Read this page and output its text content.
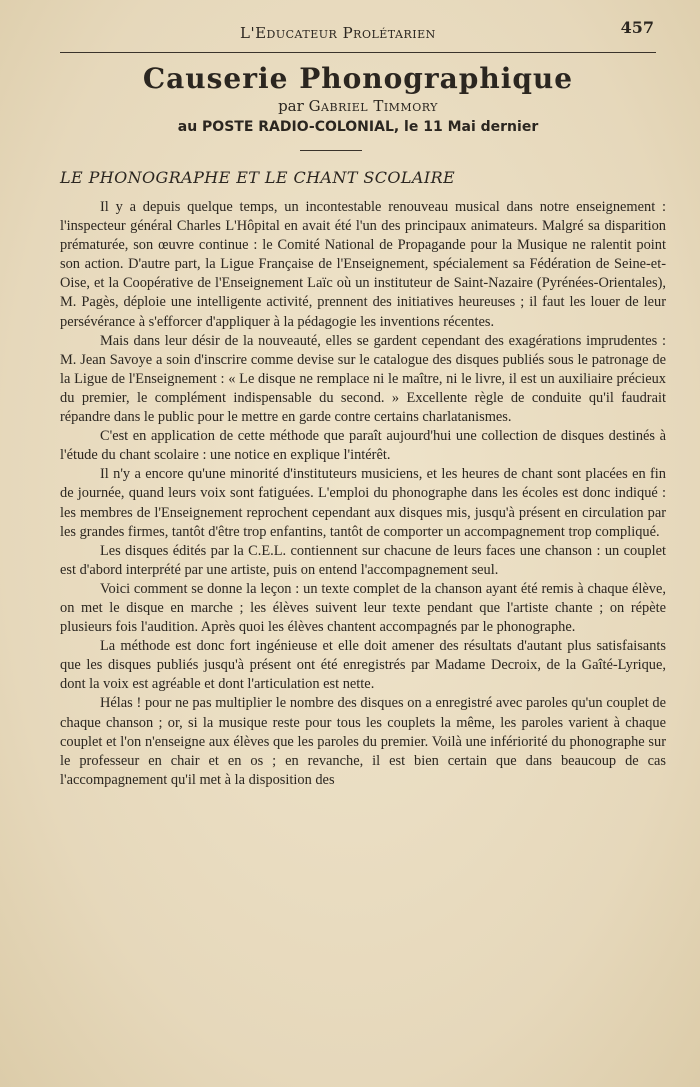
L'Educateur Prolétarien	457
Causerie Phonographique
par Gabriel Timmory
au POSTE RADIO-COLONIAL, le 11 Mai dernier
LE PHONOGRAPHE ET LE CHANT SCOLAIRE

Il y a depuis quelque temps, un incontestable renouveau musical dans notre enseignement : l'inspecteur général Charles L'Hôpital en avait été l'un des principaux animateurs. Malgré sa disparition prématurée, son œuvre continue : le Comité National de Propagande pour la Musique ne ralentit point son action. D'autre part, la Ligue Française de l'Enseignement, spécialement sa Fédération de Seine-et-Oise, et la Coopérative de l'Enseignement Laïc où un instituteur de Saint-Nazaire (Pyrénées-Orientales), M. Pagès, déploie une intelligente activité, prennent des initiatives heureuses ; il faut les louer de leur persévérance à s'efforcer d'appliquer à la pédagogie les inventions récentes.

Mais dans leur désir de la nouveauté, elles se gardent cependant des exagérations imprudentes : M. Jean Savoye a soin d'inscrire comme devise sur le catalogue des disques publiés sous le patronage de la Ligue de l'Enseignement : « Le disque ne remplace ni le maître, ni le livre, il est un auxiliaire précieux du premier, le complément indispensable du second. » Excellente règle de conduite qu'il faudrait répandre dans le public pour le mettre en garde contre certains charlatanismes.

C'est en application de cette méthode que paraît aujourd'hui une collection de disques destinés à l'étude du chant scolaire : une notice en explique l'intérêt.

Il n'y a encore qu'une minorité d'instituteurs musiciens, et les heures de chant sont placées en fin de journée, quand leurs voix sont fatiguées. L'emploi du phonographe dans les écoles est donc indiqué : les membres de l'Enseignement reprochent cependant aux disques mis, jusqu'à présent en circulation par les grandes firmes, tantôt d'être trop enfantins, tantôt de comporter un accompagnement trop compliqué.

Les disques édités par la C.E.L. contiennent sur chacune de leurs faces une chanson : un couplet est d'abord interprété par une artiste, puis on entend l'accompagnement seul.

Voici comment se donne la leçon : un texte complet de la chanson ayant été remis à chaque élève, on met le disque en marche ; les élèves suivent leur texte pendant que l'artiste chante ; on répète plusieurs fois l'audition. Après quoi les élèves chantent accompagnés par le phonographe.

La méthode est donc fort ingénieuse et elle doit amener des résultats d'autant plus satisfaisants que les disques publiés jusqu'à présent ont été enregistrés par Madame Decroix, de la Gaîté-Lyrique, dont la voix est agréable et dont l'articulation est nette.

Hélas ! pour ne pas multiplier le nombre des disques on a enregistré avec paroles qu'un couplet de chaque chanson ; or, si la musique reste pour tous les couplets la même, les paroles varient à chaque couplet et l'on n'enseigne aux élèves que les paroles du premier. Voilà une infériorité du phonographe sur le professeur en chair et en os ; en revanche, il est bien certain que dans beaucoup de cas l'accompagnement qu'il met à la disposition des
